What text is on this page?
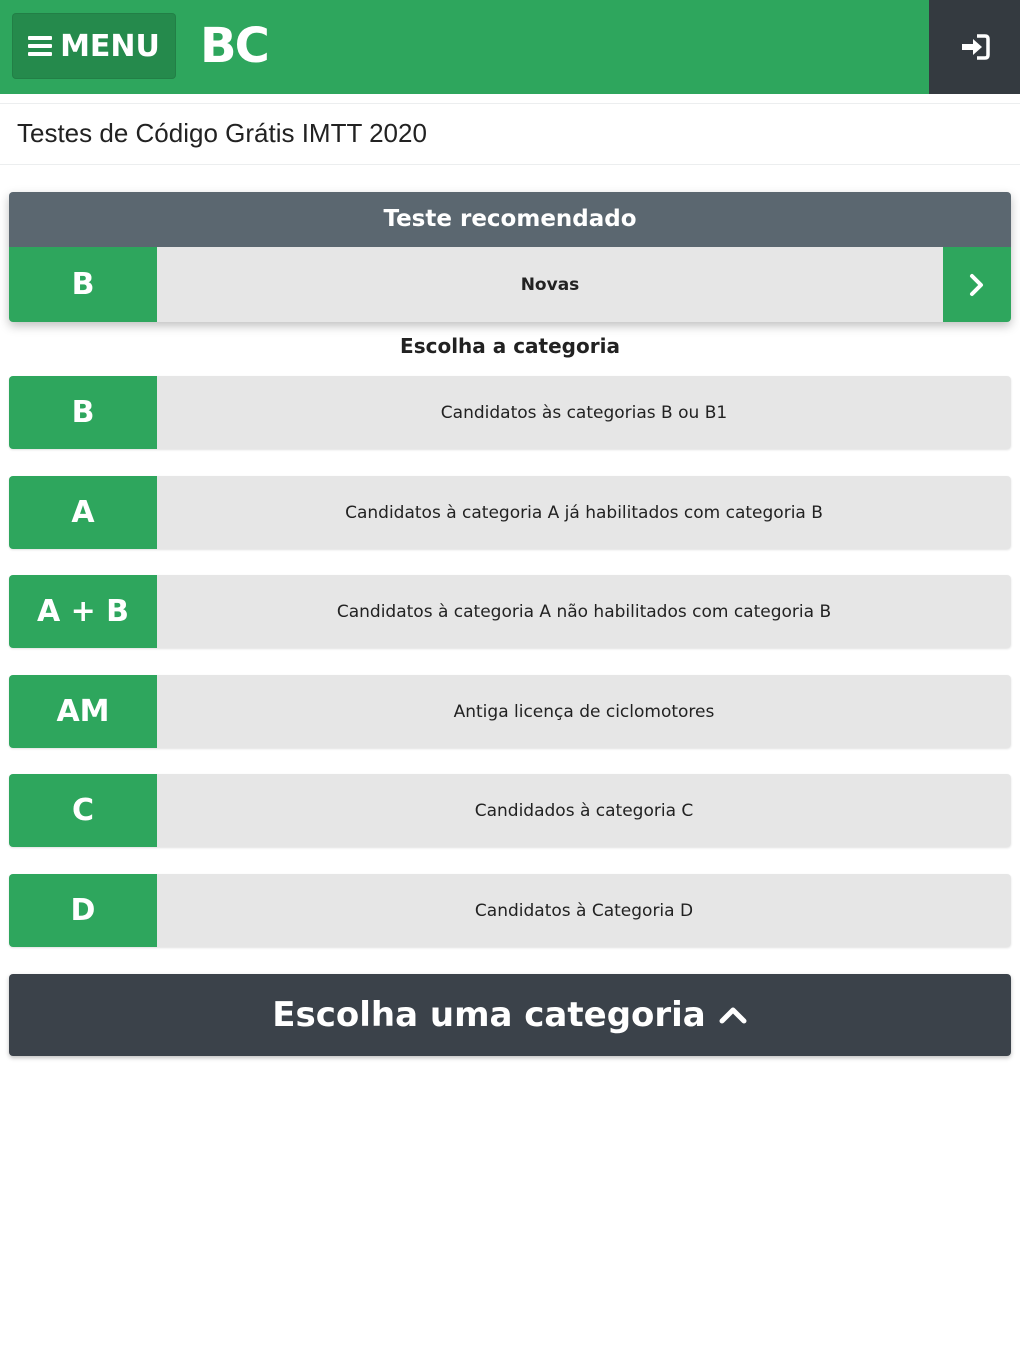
MENU BC
Testes de Código Grátis IMTT 2020
Teste recomendado
B	Novas
Escolha a categoria
B	Candidatos às categorias B ou B1
A	Candidatos à categoria A já habilitados com categoria B
A + B	Candidatos à categoria A não habilitados com categoria B
AM	Antiga licença de ciclomotores
C	Candidados à categoria C
D	Candidatos à Categoria D
Escolha uma categoria
